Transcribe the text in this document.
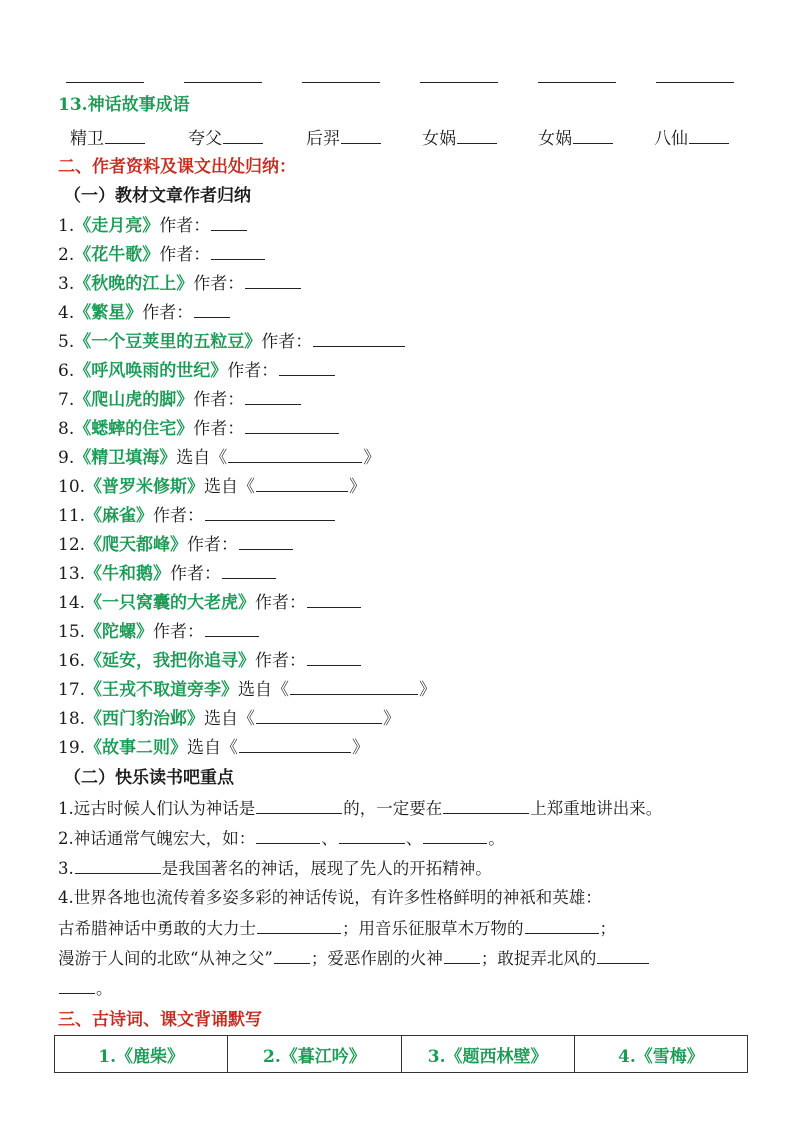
13.神话故事成语
精卫	夸父	后羿	女娲	女娲	八仙
二、作者资料及课文出处归纳：
（一）教材文章作者归纳
1.《走月亮》作者：
2.《花牛歌》作者：
3.《秋晚的江上》作者：
4.《繁星》作者：
5.《一个豆荚里的五粒豆》作者：
6.《呼风唤雨的世纪》作者：
7.《爬山虎的脚》作者：
8.《蟋蟀的住宅》作者：
9.《精卫填海》选自《	》
10.《普罗米修斯》选自《	》
11.《麻雀》作者：
12.《爬天都峰》作者：
13.《牛和鹅》作者：
14.《一只窝囊的大老虎》作者：
15.《陀螺》作者：
16.《延安，我把你追寻》作者：
17.《王戎不取道旁李》选自《	》
18.《西门豹治邺》选自《	》
19.《故事二则》选自《	》
（二）快乐读书吧重点
1.远古时候人们认为神话是	的，一定要在	上郑重地讲出来。
2.神话通常气魄宏大，如：	、	、	。
3.	是我国著名的神话，展现了先人的开拓精神。
4.世界各地也流传着多姿多彩的神话传说，有许多性格鲜明的神祇和英雄：
古希腊神话中勇敢的大力士	；用音乐征服草木万物的	；
漫游于人间的北欧“从神之父” ；爱恶作剧的火神 ；敢捉弄北风的
。
三、古诗词、课文背诵默写
1.《鹿柴》	2.《暮江吟》	3.《题西林壁》	4.《雪梅》
